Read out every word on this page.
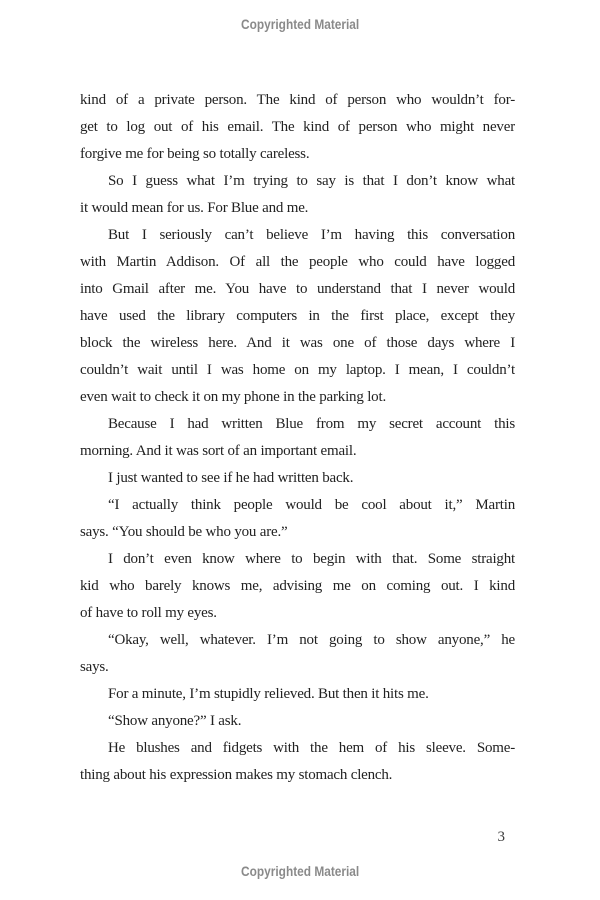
Copyrighted Material
kind of a private person. The kind of person who wouldn’t for-
get to log out of his email. The kind of person who might never
forgive me for being so totally careless.
So I guess what I’m trying to say is that I don’t know what
it would mean for us. For Blue and me.
But I seriously can’t believe I’m having this conversation
with Martin Addison. Of all the people who could have logged
into Gmail after me. You have to understand that I never would
have used the library computers in the first place, except they
block the wireless here. And it was one of those days where I
couldn’t wait until I was home on my laptop. I mean, I couldn’t
even wait to check it on my phone in the parking lot.
Because I had written Blue from my secret account this
morning. And it was sort of an important email.
I just wanted to see if he had written back.
“I actually think people would be cool about it,” Martin
says. “You should be who you are.”
I don’t even know where to begin with that. Some straight
kid who barely knows me, advising me on coming out. I kind
of have to roll my eyes.
“Okay, well, whatever. I’m not going to show anyone,” he
says.
For a minute, I’m stupidly relieved. But then it hits me.
“Show anyone?” I ask.
He blushes and fidgets with the hem of his sleeve. Some-
thing about his expression makes my stomach clench.
3
Copyrighted Material
